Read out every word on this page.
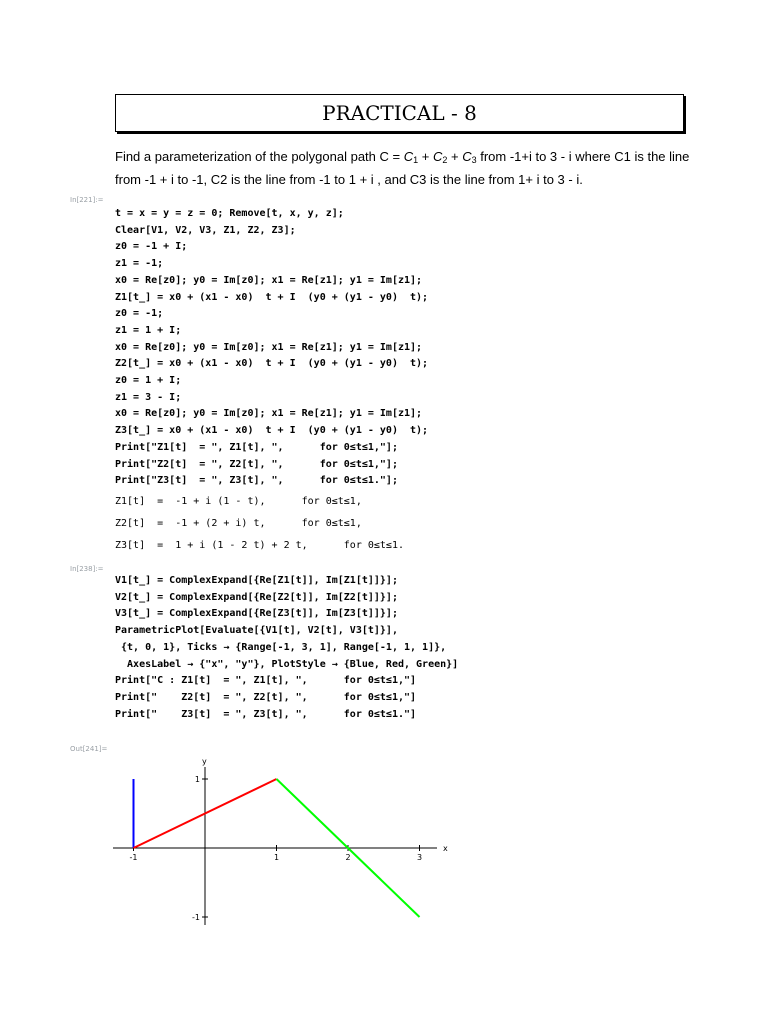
PRACTICAL - 8
Find a parameterization of the polygonal path $C = C_1 + C_2 + C_3$ from -1+i to 3 - i where C1 is the line
from -1 + i to -1, C2 is the line from -1 to 1 + i , and C3 is the line from 1+ i to 3 - i.
In[221]:=
t = x = y = z = 0; Remove[t, x, y, z];
Clear[V1, V2, V3, Z1, Z2, Z3];
z0 = -1 + I;
z1 = -1;
x0 = Re[z0]; y0 = Im[z0]; x1 = Re[z1]; y1 = Im[z1];
Z1[t_] = x0 + (x1 - x0)  t + I  (y0 + (y1 - y0)  t);
z0 = -1;
z1 = 1 + I;
x0 = Re[z0]; y0 = Im[z0]; x1 = Re[z1]; y1 = Im[z1];
Z2[t_] = x0 + (x1 - x0)  t + I  (y0 + (y1 - y0)  t);
z0 = 1 + I;
z1 = 3 - I;
x0 = Re[z0]; y0 = Im[z0]; x1 = Re[z1]; y1 = Im[z1];
Z3[t_] = x0 + (x1 - x0)  t + I  (y0 + (y1 - y0)  t);
Print["Z1[t]  = ", Z1[t], ",      for 0≤t≤1,"];
Print["Z2[t]  = ", Z2[t], ",      for 0≤t≤1,"];
Print["Z3[t]  = ", Z3[t], ",      for 0≤t≤1."];
Z1[t]  =  -1 + i (1 - t),      for 0≤t≤1,
Z2[t]  =  -1 + (2 + i) t,      for 0≤t≤1,
Z3[t]  =  1 + i (1 - 2 t) + 2 t,      for 0≤t≤1.
In[238]:=
V1[t_] = ComplexExpand[{Re[Z1[t]], Im[Z1[t]]}];
V2[t_] = ComplexExpand[{Re[Z2[t]], Im[Z2[t]]}];
V3[t_] = ComplexExpand[{Re[Z3[t]], Im[Z3[t]]}];
ParametricPlot[Evaluate[{V1[t], V2[t], V3[t]}],
{t, 0, 1}, Ticks → {Range[-1, 3, 1], Range[-1, 1, 1]},
AxesLabel → {"x", "y"}, PlotStyle → {Blue, Red, Green}]
Print["C : Z1[t]  = ", Z1[t], ",      for 0≤t≤1,"]
Print["    Z2[t]  = ", Z2[t], ",      for 0≤t≤1,"]
Print["    Z3[t]  = ", Z3[t], ",      for 0≤t≤1."]
Out[241]=
-1	1	2	3
1
-1
x
y
